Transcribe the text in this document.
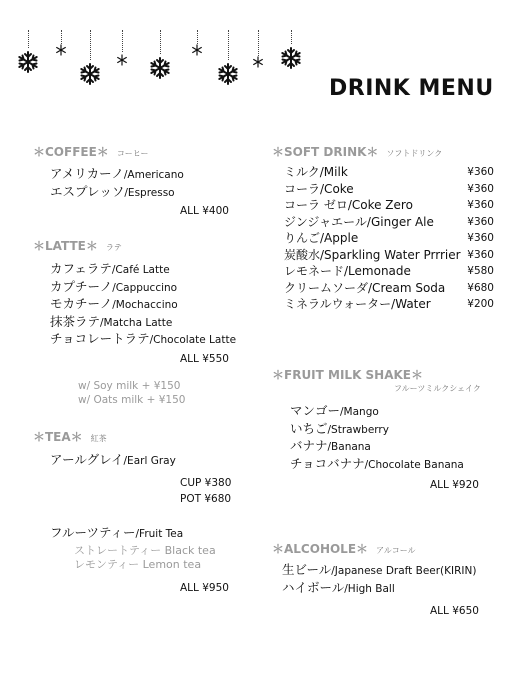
DRINK MENU
＊COFFEE＊ コーヒー
アメリカーノ/Americano
エスプレッソ/Espresso
ALL ¥400
＊LATTE＊ ラテ
カフェラテ/Café Latte
カプチーノ/Cappuccino
モカチーノ/Mochaccino
抹茶ラテ/Matcha Latte
チョコレートラテ/Chocolate Latte
ALL ¥550
w/ Soy milk + ¥150
w/ Oats milk + ¥150
＊TEA＊ 紅茶
アールグレイ/Earl Gray
CUP ¥380
POT ¥680
フルーツティー/Fruit Tea
ストレートティー Black tea
レモンティー Lemon tea
ALL ¥950
＊SOFT DRINK＊ ソフトドリンク
ミルク/Milk	¥360
コーラ/Coke	¥360
コーラ ゼロ/Coke Zero	¥360
ジンジャエール/Ginger Ale	¥360
りんご/Apple	¥360
炭酸水/Sparkling Water Prrrier ¥360
レモネード/Lemonade	¥580
クリームソーダ/Cream Soda ¥680
ミネラルウォーター/Water	¥200
＊FRUIT MILK SHAKE＊
フルーツミルクシェイク
マンゴー/Mango
いちご/Strawberry
バナナ/Banana
チョコバナナ/Chocolate Banana
ALL ¥920
＊ALCOHOLE＊ アルコール
生ビール/Japanese Draft Beer(KIRIN)
ハイボール/High Ball
ALL ¥650
